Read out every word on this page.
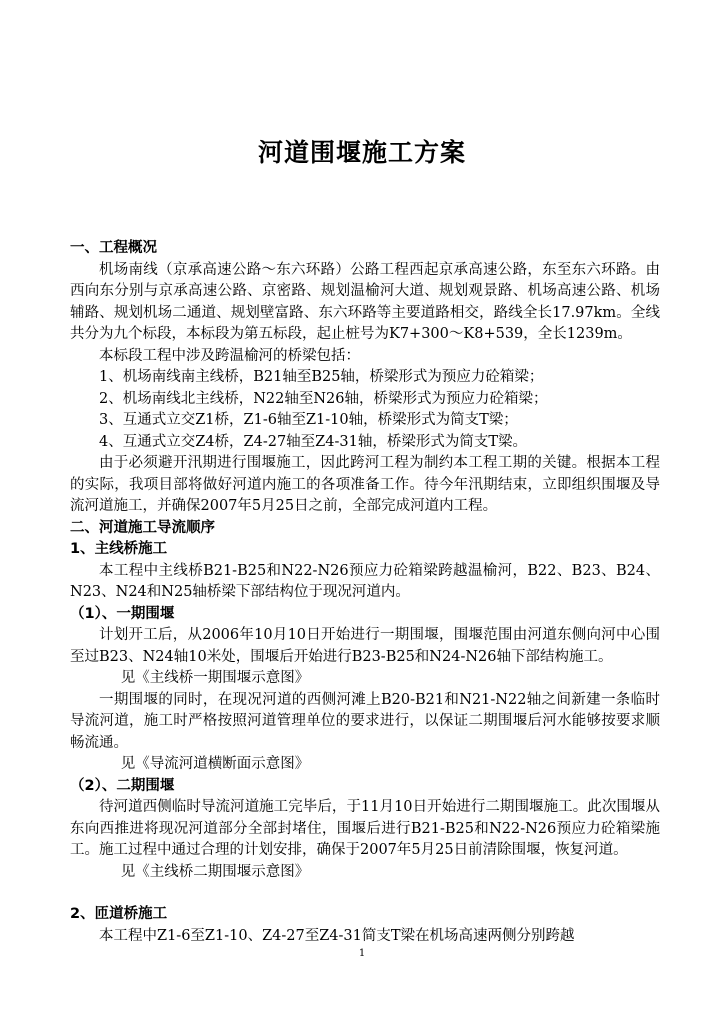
河道围堰施工方案

一、工程概况

机场南线（京承高速公路～东六环路）公路工程西起京承高速公路，东至东六环路。由西向东分别与京承高速公路、京密路、规划温榆河大道、规划观景路、机场高速公路、机场辅路、规划机场二通道、规划壁富路、东六环路等主要道路相交，路线全长17.97km。全线共分为九个标段，本标段为第五标段，起止桩号为K7+300～K8+539，全长1239m。

本标段工程中涉及跨温榆河的桥梁包括：

1、机场南线南主线桥，B21轴至B25轴，桥梁形式为预应力砼箱梁；

2、机场南线北主线桥，N22轴至N26轴，桥梁形式为预应力砼箱梁；

3、互通式立交Z1桥，Z1-6轴至Z1-10轴，桥梁形式为简支T梁；

4、互通式立交Z4桥，Z4-27轴至Z4-31轴，桥梁形式为简支T梁。

由于必须避开汛期进行围堰施工，因此跨河工程为制约本工程工期的关键。根据本工程的实际，我项目部将做好河道内施工的各项准备工作。待今年汛期结束，立即组织围堰及导流河道施工，并确保2007年5月25日之前，全部完成河道内工程。

二、河道施工导流顺序

1、主线桥施工

本工程中主线桥B21-B25和N22-N26预应力砼箱梁跨越温榆河，B22、B23、B24、N23、N24和N25轴桥梁下部结构位于现况河道内。

（1）、一期围堰

计划开工后，从2006年10月10日开始进行一期围堰，围堰范围由河道东侧向河中心围至过B23、N24轴10米处，围堰后开始进行B23-B25和N24-N26轴下部结构施工。

见《主线桥一期围堰示意图》

一期围堰的同时，在现况河道的西侧河滩上B20-B21和N21-N22轴之间新建一条临时导流河道，施工时严格按照河道管理单位的要求进行，以保证二期围堰后河水能够按要求顺畅流通。

见《导流河道横断面示意图》

（2）、二期围堰

待河道西侧临时导流河道施工完毕后，于11月10日开始进行二期围堰施工。此次围堰从东向西推进将现况河道部分全部封堵住，围堰后进行B21-B25和N22-N26预应力砼箱梁施工。施工过程中通过合理的计划安排，确保于2007年5月25日前清除围堰，恢复河道。

见《主线桥二期围堰示意图》

2、匝道桥施工

本工程中Z1-6至Z1-10、Z4-27至Z4-31简支T梁在机场高速两侧分别跨越

1
